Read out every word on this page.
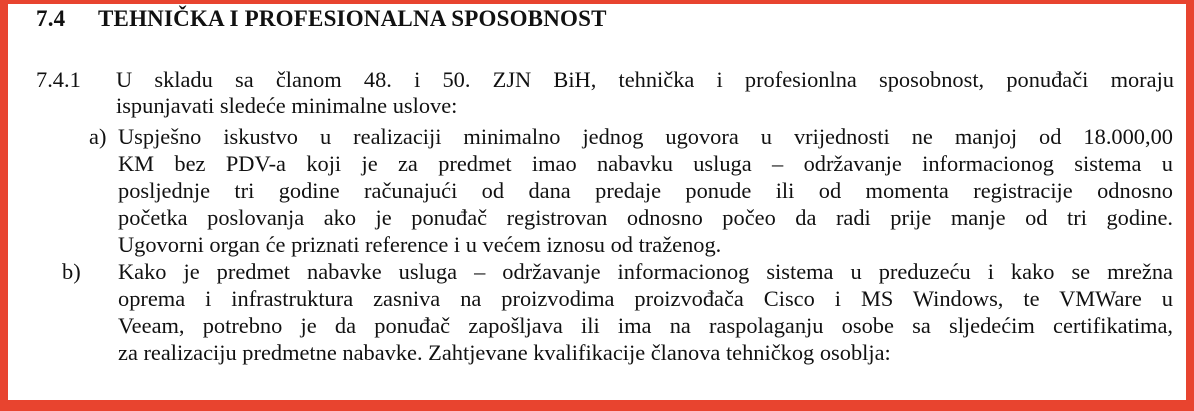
7.4 TEHNIČKA I PROFESIONALNA SPOSOBNOST
7.4.1 U skladu sa članom 48. i 50. ZJN BiH, tehnička i profesionlna sposobnost, ponuđači moraju
ispunjavati sledeće minimalne uslove:
a) Uspješno iskustvo u realizaciji minimalno jednog ugovora u vrijednosti ne manjoj od 18.000,00
KM bez PDV-a koji je za predmet imao nabavku usluga – održavanje informacionog sistema u
posljednje tri godine računajući od dana predaje ponude ili od momenta registracije odnosno
početka poslovanja ako je ponuđač registrovan odnosno počeo da radi prije manje od tri godine.
Ugovorni organ će priznati reference i u većem iznosu od traženog.
b) Kako je predmet nabavke usluga – održavanje informacionog sistema u preduzeću i kako se mrežna
oprema i infrastruktura zasniva na proizvodima proizvođača Cisco i MS Windows, te VMWare u
Veeam, potrebno je da ponuđač zapošljava ili ima na raspolaganju osobe sa sljedećim certifikatima,
za realizaciju predmetne nabavke. Zahtjevane kvalifikacije članova tehničkog osoblja:
